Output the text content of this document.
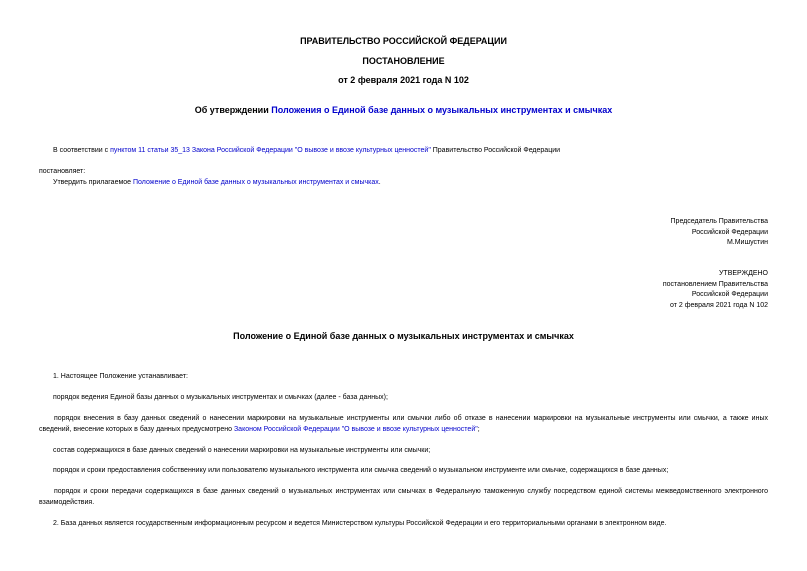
ПРАВИТЕЛЬСТВО РОССИЙСКОЙ ФЕДЕРАЦИИ
ПОСТАНОВЛЕНИЕ
от 2 февраля 2021 года N 102
Об утверждении Положения о Единой базе данных о музыкальных инструментах и смычках
В соответствии с пунктом 11 статьи 35_13 Закона Российской Федерации "О вывозе и ввозе культурных ценностей" Правительство Российской Федерации
постановляет:
Утвердить прилагаемое Положение о Единой базе данных о музыкальных инструментах и смычках.
Председатель Правительства
Российской Федерации
М.Мишустин
УТВЕРЖДЕНО
постановлением Правительства
Российской Федерации
от 2 февраля 2021 года N 102
Положение о Единой базе данных о музыкальных инструментах и смычках
1. Настоящее Положение устанавливает:
порядок ведения Единой базы данных о музыкальных инструментах и смычках (далее - база данных);
порядок внесения в базу данных сведений о нанесении маркировки на музыкальные инструменты или смычки либо об отказе в нанесении маркировки на музыкальные инструменты или смычки, а также иных сведений, внесение которых в базу данных предусмотрено Законом Российской Федерации "О вывозе и ввозе культурных ценностей";
состав содержащихся в базе данных сведений о нанесении маркировки на музыкальные инструменты или смычки;
порядок и сроки предоставления собственнику или пользователю музыкального инструмента или смычка сведений о музыкальном инструменте или смычке, содержащихся в базе данных;
порядок и сроки передачи содержащихся в базе данных сведений о музыкальных инструментах или смычках в Федеральную таможенную службу посредством единой системы межведомственного электронного взаимодействия.
2. База данных является государственным информационным ресурсом и ведется Министерством культуры Российской Федерации и его территориальными органами в электронном виде.
